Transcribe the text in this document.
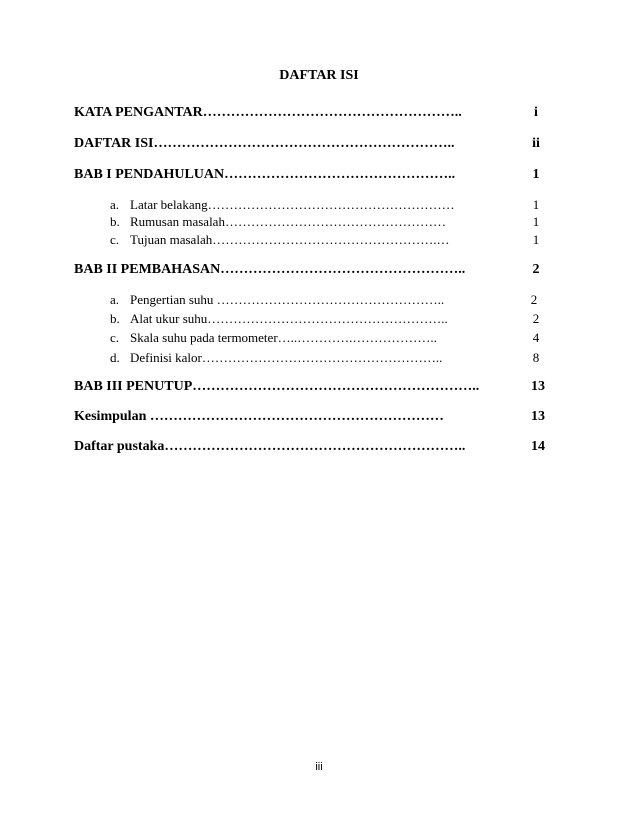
DAFTAR ISI
KATA PENGANTAR………………………………………………..	i
DAFTAR ISI………………………………………………………..	ii
BAB I PENDAHULUAN…………………………………………..	1
a. Latar belakang…………………………………………………	1
b. Rumusan masalah……………………………………………	1
c. Tujuan masalah…………………………………………….…	1
BAB II PEMBAHASAN……………………………………………..	2
a. Pengertian suhu ……………………………………………..	2
b. Alat ukur suhu………………………………………………..	2
c. Skala suhu pada termometer…..………….………………..	4
d. Definisi kalor………………………………………………..	8
BAB III PENUTUP……………………………………………………..	13
Kesimpulan ………………………………………………………	13
Daftar pustaka………………………………………………………..	14
iii
